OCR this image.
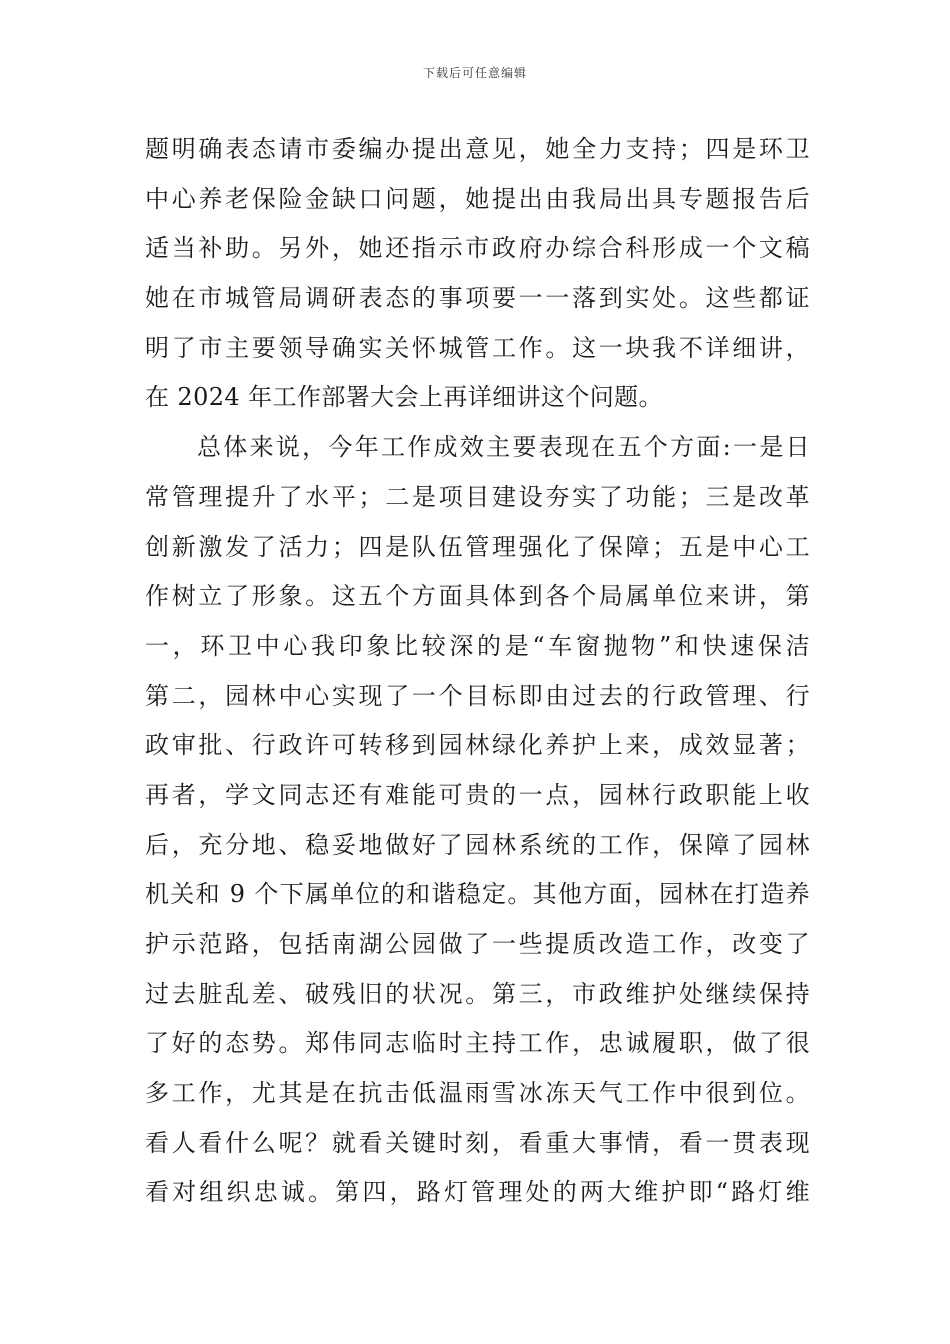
下载后可任意编辑
题明确表态请市委编办提出意见，她全力支持；四是环卫
中心养老保险金缺口问题，她提出由我局出具专题报告后
适当补助。另外，她还指示市政府办综合科形成一个文稿
她在市城管局调研表态的事项要一一落到实处。这些都证
明了市主要领导确实关怀城管工作。这一块我不详细讲，
在 2024 年工作部署大会上再详细讲这个问题。
总体来说，今年工作成效主要表现在五个方面:一是日
常管理提升了水平；二是项目建设夯实了功能；三是改革
创新激发了活力；四是队伍管理强化了保障；五是中心工
作树立了形象。这五个方面具体到各个局属单位来讲，第
一，环卫中心我印象比较深的是“车窗抛物”和快速保洁
第二，园林中心实现了一个目标即由过去的行政管理、行
政审批、行政许可转移到园林绿化养护上来，成效显著；
再者，学文同志还有难能可贵的一点，园林行政职能上收
后，充分地、稳妥地做好了园林系统的工作，保障了园林
机关和 9 个下属单位的和谐稳定。其他方面，园林在打造养
护示范路，包括南湖公园做了一些提质改造工作，改变了
过去脏乱差、破残旧的状况。第三，市政维护处继续保持
了好的态势。郑伟同志临时主持工作，忠诚履职，做了很
多工作，尤其是在抗击低温雨雪冰冻天气工作中很到位。
看人看什么呢？就看关键时刻，看重大事情，看一贯表现
看对组织忠诚。第四，路灯管理处的两大维护即“路灯维
